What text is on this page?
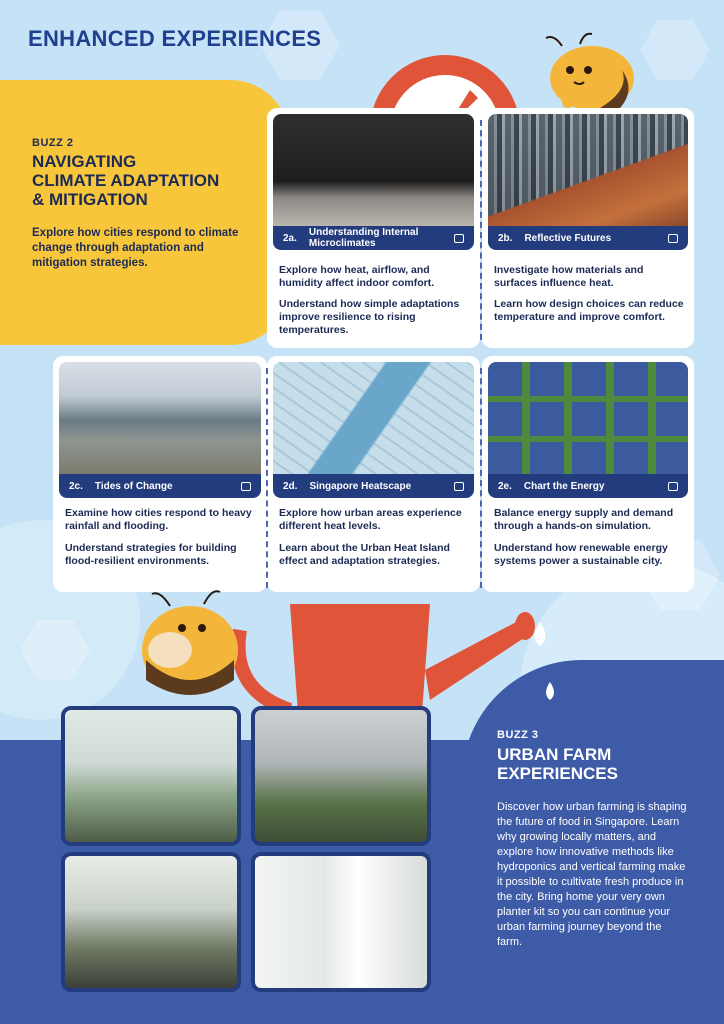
ENHANCED EXPERIENCES
BUZZ 2
NAVIGATING
CLIMATE ADAPTATION
& MITIGATION
Explore how cities respond to climate change through adaptation and mitigation strategies.
2a. Understanding Internal Microclimates
Explore how heat, airflow, and humidity affect indoor comfort.
Understand how simple adaptations improve resilience to rising temperatures.
2b. Reflective Futures
Investigate how materials and surfaces influence heat.
Learn how design choices can reduce temperature and improve comfort.
2c. Tides of Change
Examine how cities respond to heavy rainfall and flooding.
Understand strategies for building flood-resilient environments.
2d. Singapore Heatscape
Explore how urban areas experience different heat levels.
Learn about the Urban Heat Island effect and adaptation strategies.
2e. Chart the Energy
Balance energy supply and demand through a hands-on simulation.
Understand how renewable energy systems power a sustainable city.
BUZZ 3
URBAN FARM
EXPERIENCES
Discover how urban farming is shaping the future of food in Singapore. Learn why growing locally matters, and explore how innovative methods like hydroponics and vertical farming make it possible to cultivate fresh produce in the city. Bring home your very own planter kit so you can continue your urban farming journey beyond the farm.
